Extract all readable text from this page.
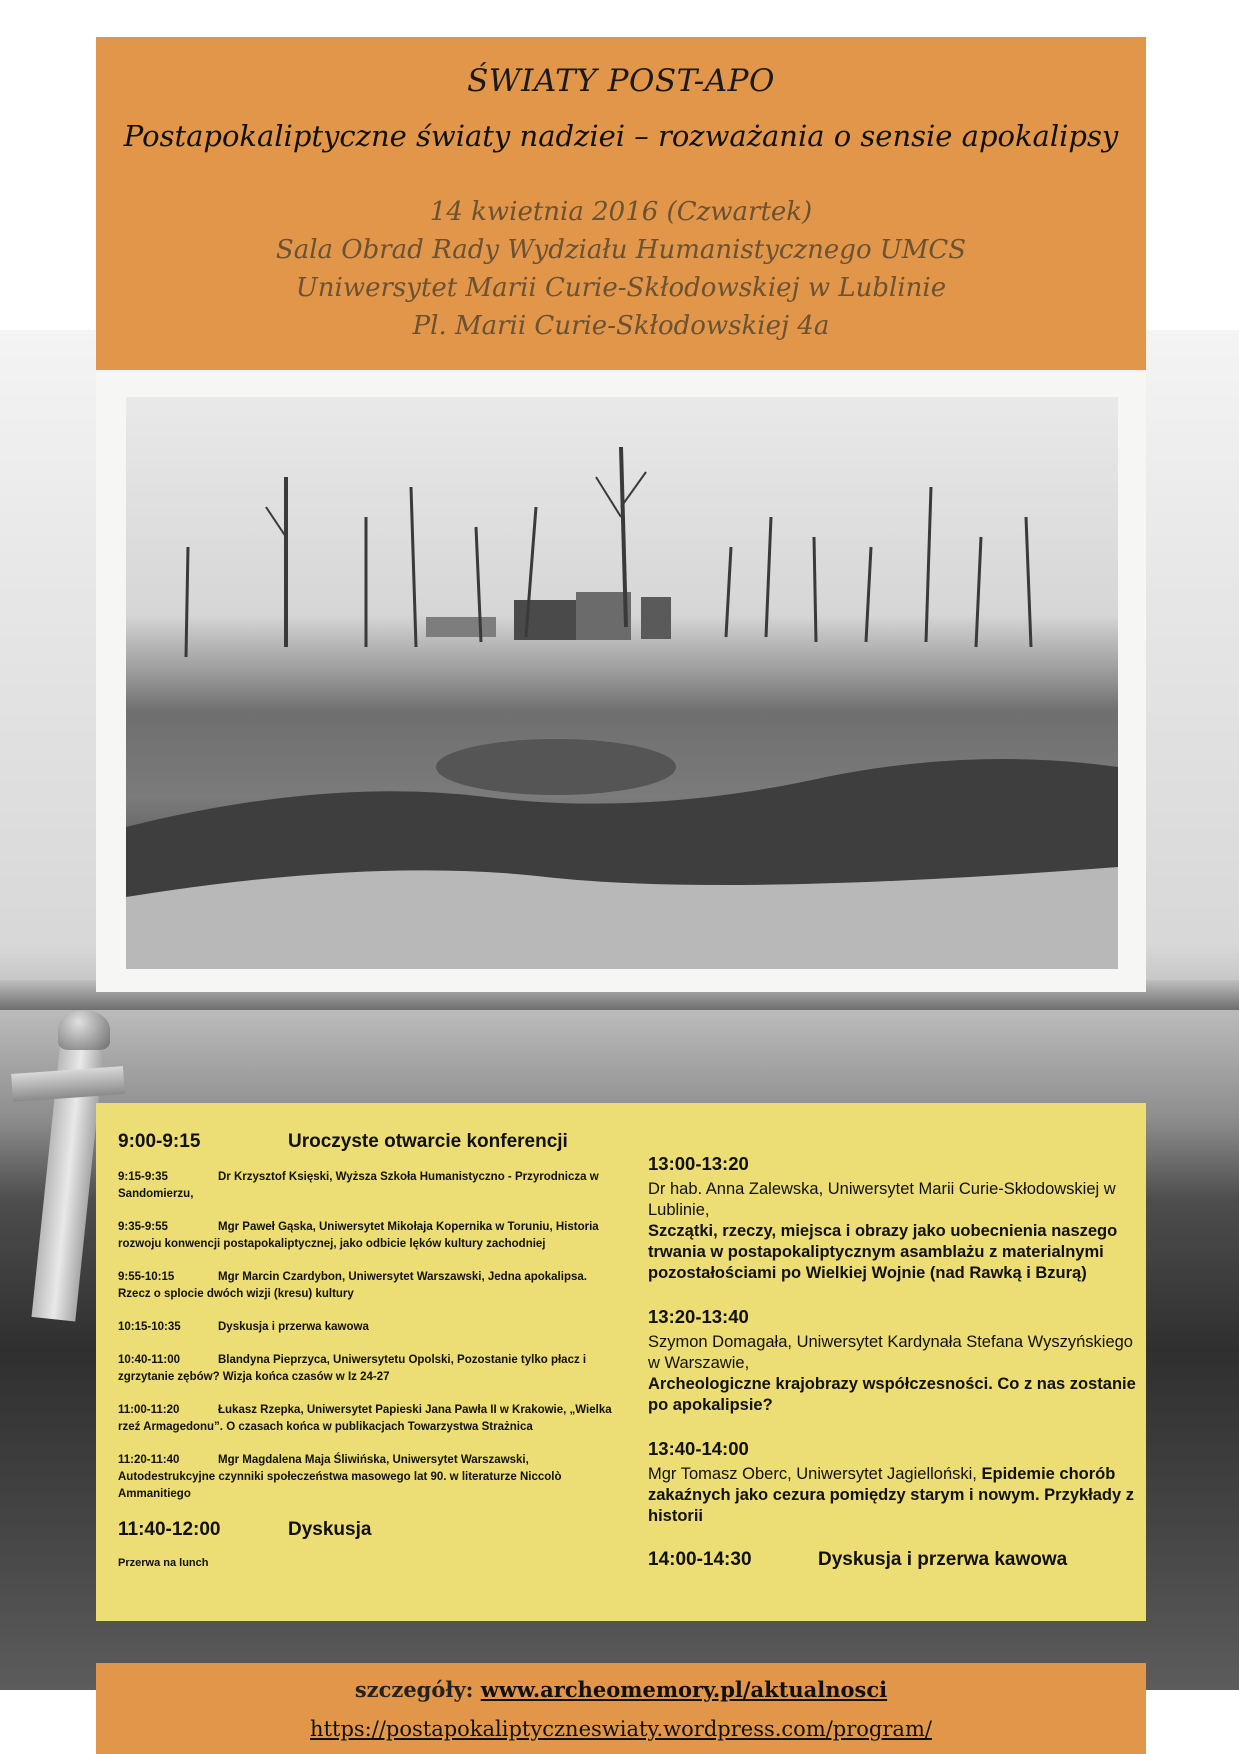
ŚWIATY POST-APO
Postapokaliptyczne światy nadziei – rozważania o sensie apokalipsy
14 kwietnia 2016 (Czwartek)
Sala Obrad Rady Wydziału Humanistycznego UMCS
Uniwersytet Marii Curie-Skłodowskiej w Lublinie
Pl. Marii Curie-Skłodowskiej 4a
9:00-9:15	Uroczyste otwarcie konferencji
9:15-9:35	Dr Krzysztof Księski, Wyższa Szkoła Humanistyczno - Przyrodnicza w Sandomierzu,
9:35-9:55	Mgr Paweł Gąska, Uniwersytet Mikołaja Kopernika w Toruniu, Historia rozwoju konwencji postapokaliptycznej, jako odbicie lęków kultury zachodniej
9:55-10:15	Mgr Marcin Czardybon, Uniwersytet Warszawski, Jedna apokalipsa. Rzecz o splocie dwóch wizji (kresu) kultury
10:15-10:35	Dyskusja i przerwa kawowa
10:40-11:00	Blandyna Pieprzyca, Uniwersytetu Opolski, Pozostanie tylko płacz i zgrzytanie zębów? Wizja końca czasów w Iz 24-27
11:00-11:20	Łukasz Rzepka, Uniwersytet Papieski Jana Pawła II w Krakowie, „Wielka rzeź Armagedonu”. O czasach końca w publikacjach Towarzystwa Strażnica
11:20-11:40	Mgr Magdalena Maja Śliwińska, Uniwersytet Warszawski, Autodestrukcyjne czynniki społeczeństwa masowego lat 90. w literaturze Niccolò Ammanitiego
11:40-12:00	Dyskusja
Przerwa na lunch
13:00-13:20
Dr hab. Anna Zalewska, Uniwersytet Marii Curie-Skłodowskiej w Lublinie,
Szczątki, rzeczy, miejsca i obrazy jako uobecnienia naszego trwania w postapokaliptycznym asamblażu z materialnymi pozostałościami po Wielkiej Wojnie (nad Rawką i Bzurą)
13:20-13:40
Szymon Domagała, Uniwersytet Kardynała Stefana Wyszyńskiego w Warszawie,
Archeologiczne krajobrazy współczesności. Co z nas zostanie po apokalipsie?
13:40-14:00
Mgr Tomasz Oberc, Uniwersytet Jagielloński, Epidemie chorób zakaźnych jako cezura pomiędzy starym i nowym. Przykłady z historii
14:00-14:30	Dyskusja i przerwa kawowa
szczegóły: www.archeomemory.pl/aktualnosci
https://postapokaliptyczneswiaty.wordpress.com/program/
